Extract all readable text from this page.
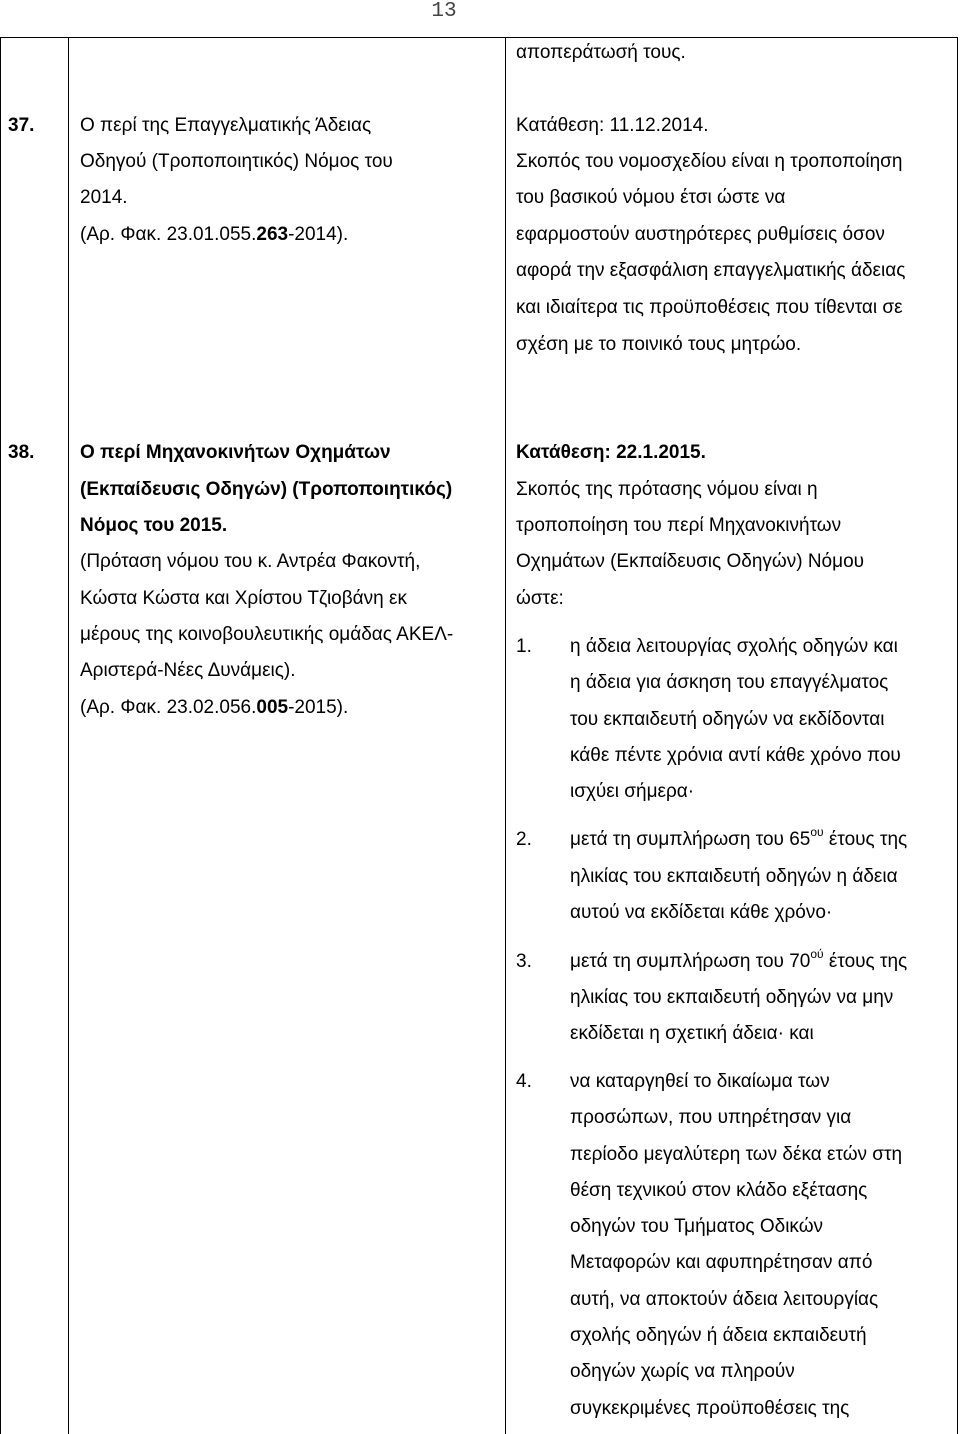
13
αποπεράτωσή τους.
37. Ο περί της Επαγγελματικής Άδειας
Οδηγού (Τροποποιητικός) Νόμος του
2014.
(Αρ. Φακ. 23.01.055.263-2014).
Κατάθεση: 11.12.2014.
Σκοπός του νομοσχεδίου είναι η τροποποίηση
του βασικού νόμου έτσι ώστε να
εφαρμοστούν αυστηρότερες ρυθμίσεις όσον
αφορά την εξασφάλιση επαγγελματικής άδειας
και ιδιαίτερα τις προϋποθέσεις που τίθενται σε
σχέση με το ποινικό τους μητρώο.
38. Ο περί Μηχανοκινήτων Οχημάτων
(Εκπαίδευσις Οδηγών) (Τροποποιητικός)
Νόμος του 2015.
(Πρόταση νόμου του κ. Αντρέα Φακοντή,
Κώστα Κώστα και Χρίστου Τζιοβάνη εκ
μέρους της κοινοβουλευτικής ομάδας ΑΚΕΛ-
Αριστερά-Νέες Δυνάμεις).
(Αρ. Φακ. 23.02.056.005-2015).
Κατάθεση: 22.1.2015.
Σκοπός της πρότασης νόμου είναι η
τροποποίηση του περί Μηχανοκινήτων
Οχημάτων (Εκπαίδευσις Οδηγών) Νόμου
ώστε:
1. η άδεια λειτουργίας σχολής οδηγών και
η άδεια για άσκηση του επαγγέλματος
του εκπαιδευτή οδηγών να εκδίδονται
κάθε πέντε χρόνια αντί κάθε χρόνο που
ισχύει σήμερα·
2. μετά τη συμπλήρωση του $65^{o\upsilon}$ έτους της
ηλικίας του εκπαιδευτή οδηγών η άδεια
αυτού να εκδίδεται κάθε χρόνο·
3. μετά τη συμπλήρωση του $70^{oύ}$ έτους της
ηλικίας του εκπαιδευτή οδηγών να μην
εκδίδεται η σχετική άδεια· και
4. να καταργηθεί το δικαίωμα των
προσώπων, που υπηρέτησαν για
περίοδο μεγαλύτερη των δέκα ετών στη
θέση τεχνικού στον κλάδο εξέτασης
οδηγών του Τμήματος Οδικών
Μεταφορών και αφυπηρέτησαν από
αυτή, να αποκτούν άδεια λειτουργίας
σχολής οδηγών ή άδεια εκπαιδευτή
οδηγών χωρίς να πληρούν
συγκεκριμένες προϋποθέσεις της
